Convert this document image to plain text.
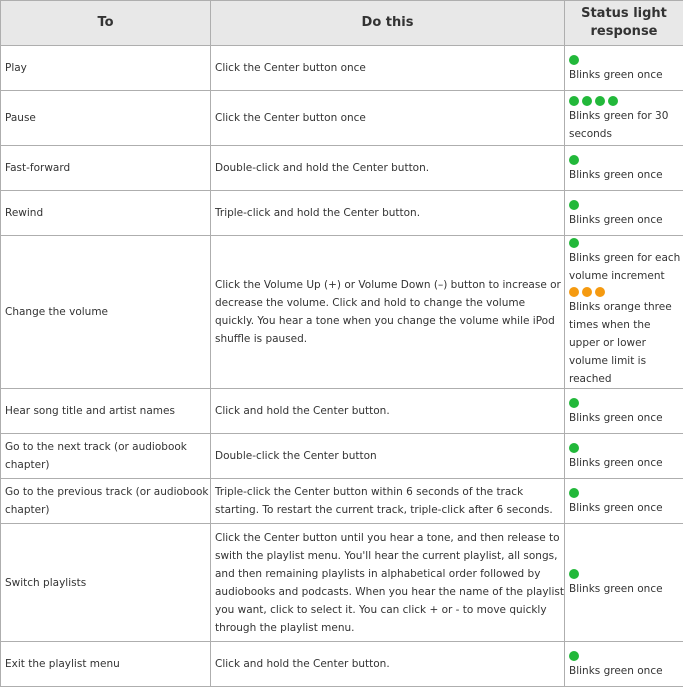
To	Do this	Status light response
Play	Click the Center button once	Blinks green once

Pause	Click the Center button once	Blinks green for 30 seconds

Fast-forward	Double-click and hold the Center button.	Blinks green once

Rewind	Triple-click and hold the Center button.	Blinks green once

Change the volume	Click the Volume Up (+) or Volume Down (–) button to increase or decrease the volume. Click and hold to change the volume quickly. You hear a tone when you change the volume while iPod shuffle is paused.	Blinks green for each volume increment
Blinks orange three times when the upper or lower volume limit is reached

Hear song title and artist names	Click and hold the Center button.	Blinks green once

Go to the next track (or audiobook chapter)	Double-click the Center button	Blinks green once

Go to the previous track (or audiobook chapter)	Triple-click the Center button within 6 seconds of the track starting. To restart the current track, triple-click after 6 seconds.	Blinks green once

Switch playlists	Click the Center button until you hear a tone, and then release to swith the playlist menu. You'll hear the current playlist, all songs, and then remaining playlists in alphabetical order followed by audiobooks and podcasts. When you hear the name of the playlist you want, click to select it. You can click + or - to move quickly through the playlist menu.	Blinks green once

Exit the playlist menu	Click and hold the Center button.	Blinks green once
